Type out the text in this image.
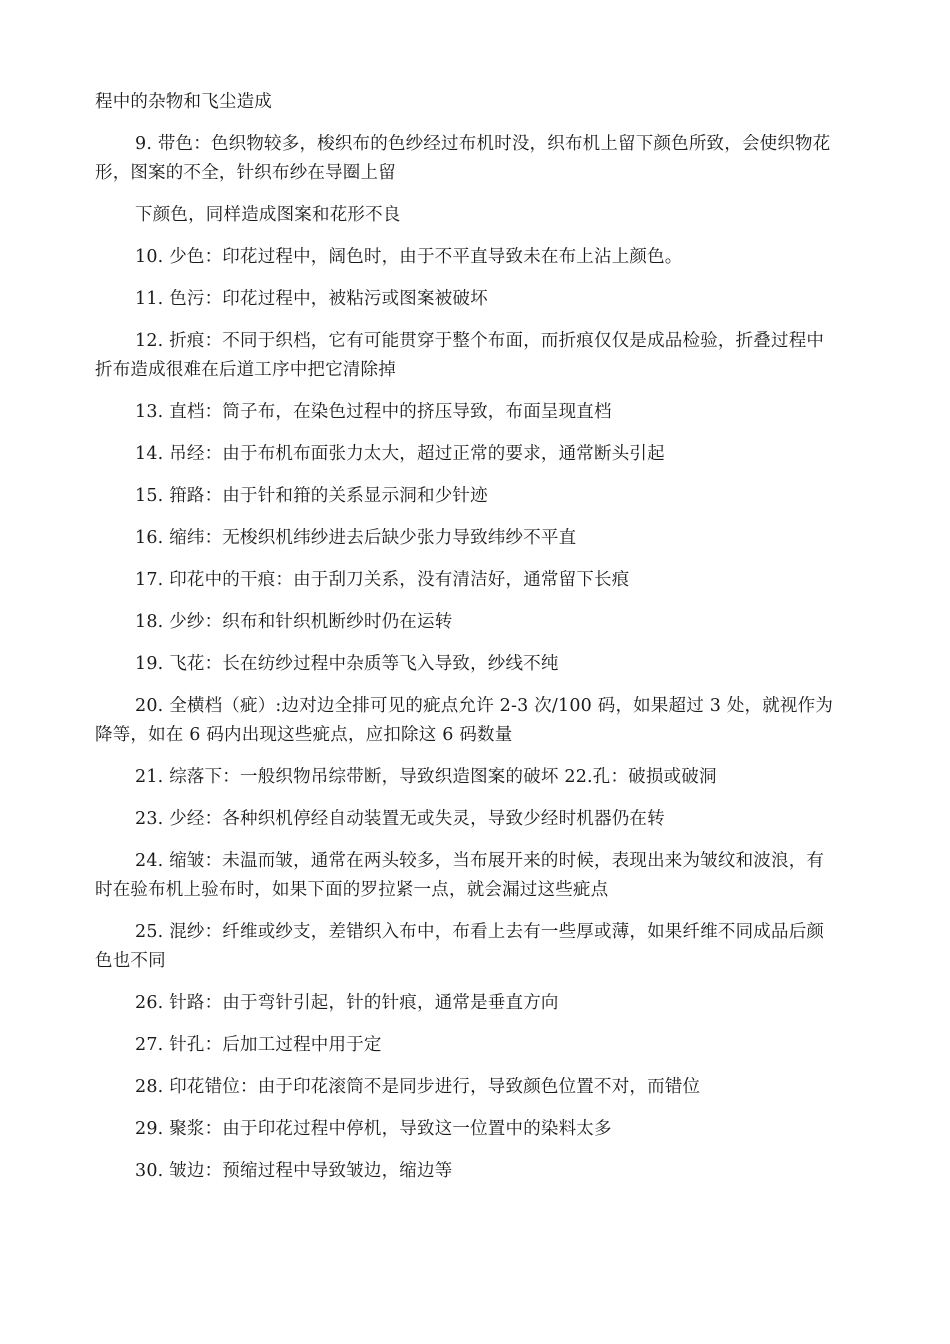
程中的杂物和飞尘造成

9. 带色：色织物较多，梭织布的色纱经过布机时没，织布机上留下颜色所致，会使织物花形，图案的不全，针织布纱在导圈上留

下颜色，同样造成图案和花形不良

10. 少色：印花过程中，阔色时，由于不平直导致未在布上沾上颜色。

11. 色污：印花过程中，被粘污或图案被破坏

12. 折痕：不同于织档，它有可能贯穿于整个布面，而折痕仅仅是成品检验，折叠过程中折布造成很难在后道工序中把它清除掉

13. 直档：筒子布，在染色过程中的挤压导致，布面呈现直档

14. 吊经：由于布机布面张力太大，超过正常的要求，通常断头引起

15. 箝路：由于针和箝的关系显示洞和少针迹

16. 缩纬：无梭织机纬纱进去后缺少张力导致纬纱不平直

17. 印花中的干痕：由于刮刀关系，没有清洁好，通常留下长痕

18. 少纱：织布和针织机断纱时仍在运转

19. 飞花：长在纺纱过程中杂质等飞入导致，纱线不纯

20. 全横档（疵）:边对边全排可见的疵点允许 2-3 次/100 码，如果超过 3 处，就视作为降等，如在 6 码内出现这些疵点，应扣除这 6 码数量

21. 综落下：一般织物吊综带断，导致织造图案的破坏 22.孔：破损或破洞

23. 少经：各种织机停经自动装置无或失灵，导致少经时机器仍在转

24. 缩皱：未温而皱，通常在两头较多，当布展开来的时候，表现出来为皱纹和波浪，有时在验布机上验布时，如果下面的罗拉紧一点，就会漏过这些疵点

25. 混纱：纤维或纱支，差错织入布中，布看上去有一些厚或薄，如果纤维不同成品后颜色也不同

26. 针路：由于弯针引起，针的针痕，通常是垂直方向

27. 针孔：后加工过程中用于定

28. 印花错位：由于印花滚筒不是同步进行，导致颜色位置不对，而错位

29. 聚浆：由于印花过程中停机，导致这一位置中的染料太多

30. 皱边：预缩过程中导致皱边，缩边等
